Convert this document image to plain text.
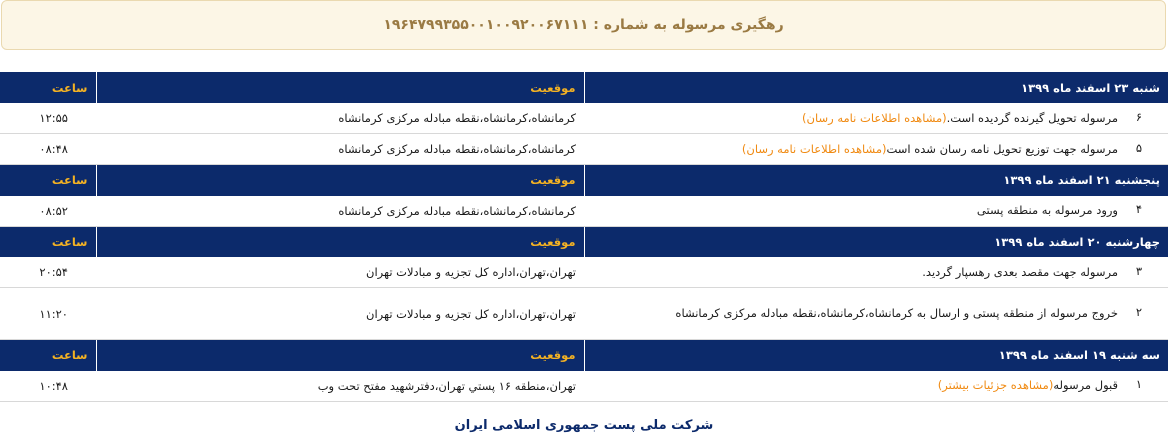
رهگیری مرسوله به شماره : ۱۹۶۴۷۹۹۳۵۵۰۰۱۰۰۹۲۰۰۶۷۱۱۱
شنبه ۲۳ اسفند ماه ۱۳۹۹	موقعیت	ساعت
۶مرسوله تحویل گیرنده گردیده است.(مشاهده اطلاعات نامه رسان)	کرمانشاه،کرمانشاه،نقطه مبادله مرکزی کرمانشاه	۱۲:۵۵
۵مرسوله جهت توزیع تحویل نامه رسان شده است(مشاهده اطلاعات نامه رسان)	کرمانشاه،کرمانشاه،نقطه مبادله مرکزی کرمانشاه	۰۸:۴۸
پنجشنبه ۲۱ اسفند ماه ۱۳۹۹	موقعیت	ساعت
۴ورود مرسوله به منطقه پستی	کرمانشاه،کرمانشاه،نقطه مبادله مرکزی کرمانشاه	۰۸:۵۲
چهارشنبه ۲۰ اسفند ماه ۱۳۹۹	موقعیت	ساعت
۳مرسوله جهت مقصد بعدی رهسپار گردید.	تهران،تهران،اداره کل تجزیه و مبادلات تهران	۲۰:۵۴
۲خروج مرسوله از منطقه پستی و ارسال به کرمانشاه،کرمانشاه،نقطه مبادله مرکزی کرمانشاه	تهران،تهران،اداره کل تجزیه و مبادلات تهران	۱۱:۲۰
سه شنبه ۱۹ اسفند ماه ۱۳۹۹	موقعیت	ساعت
۱قبول مرسوله(مشاهده جزئیات بیشتر)	تهران،منطقه ۱۶ پستي تهران،دفترشهید مفتح تحت وب	۱۰:۴۸
شرکت ملی پست جمهوری اسلامی ایران
